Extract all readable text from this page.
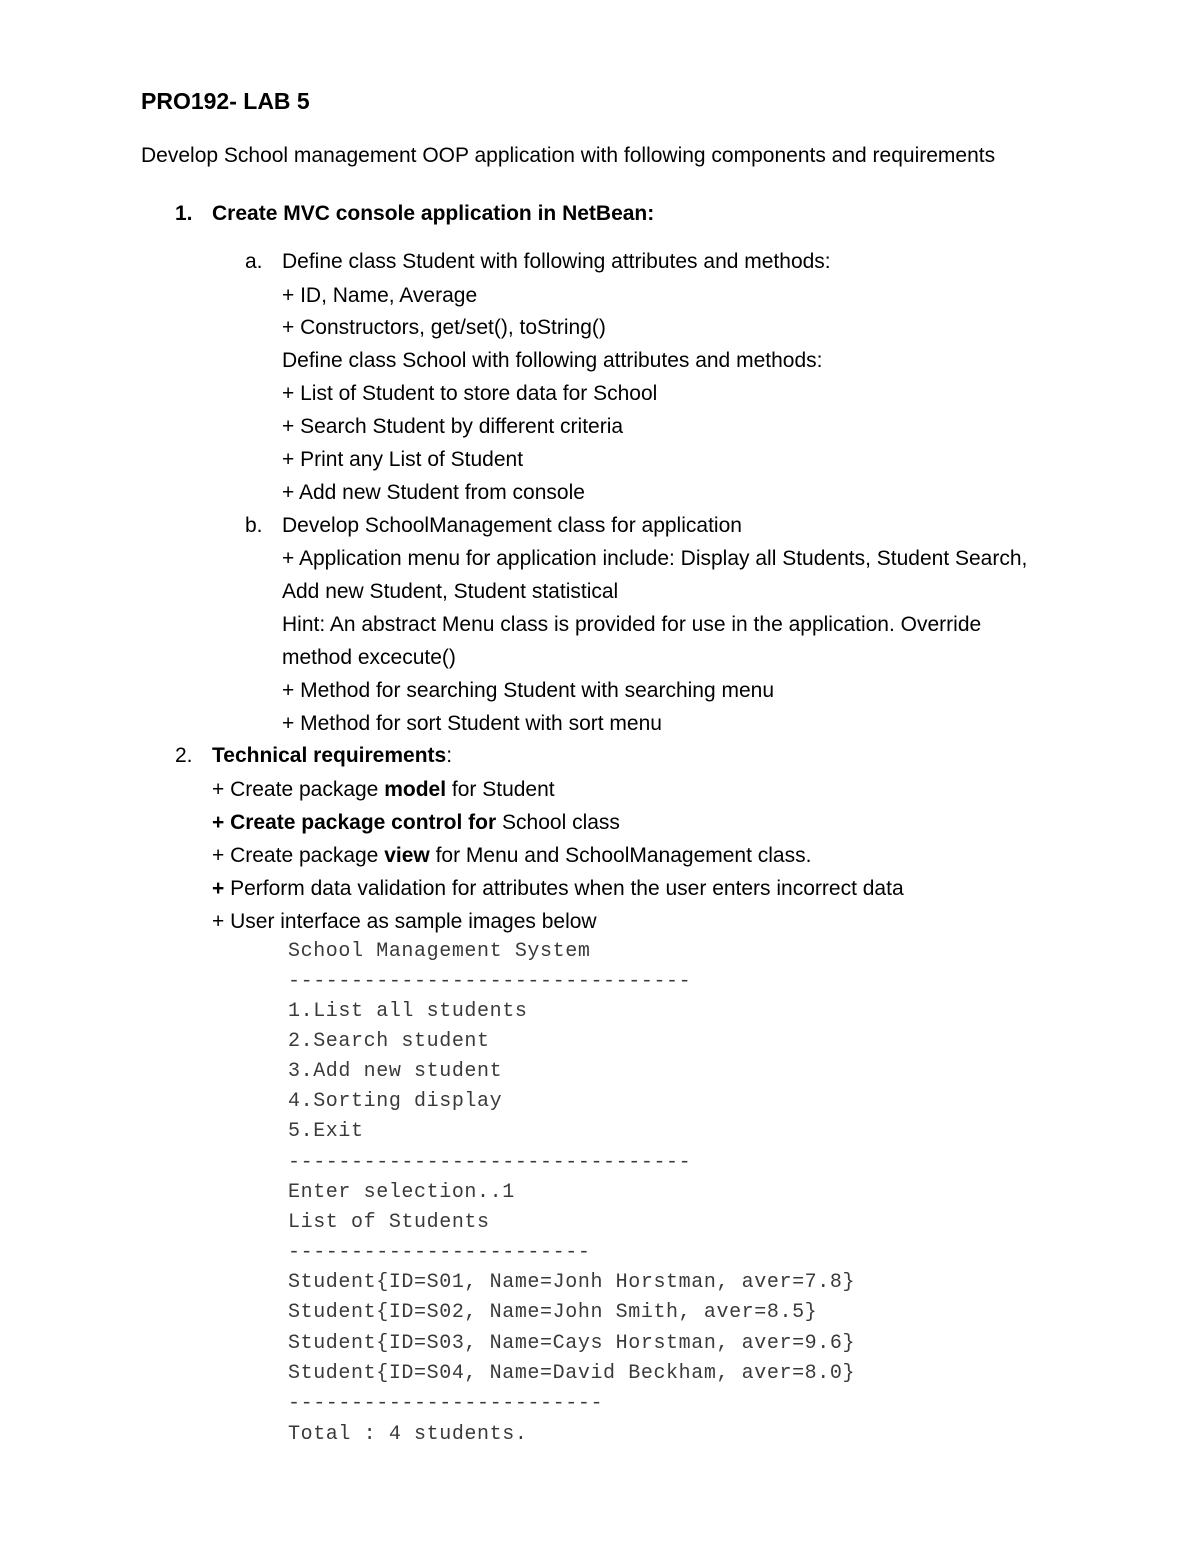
PRO192- LAB 5
Develop School management OOP application with following components and requirements
1. Create MVC console application in NetBean:
a. Define class Student with following attributes and methods:
+ ID, Name, Average
+ Constructors, get/set(), toString()
Define class School with following attributes and methods:
+ List of Student to store data for School
+ Search Student by different criteria
+ Print any List of Student
+ Add new Student from console
b. Develop SchoolManagement class for application
+ Application menu for application include: Display all Students, Student Search,
Add new Student, Student statistical
Hint: An abstract Menu class is provided for use in the application. Override
method excecute()
+ Method for searching Student with searching menu
+ Method for sort Student with sort menu
2. Technical requirements:
+ Create package model for Student
+ Create package control for School class
+ Create package view for Menu and SchoolManagement class.
+ Perform data validation for attributes when the user enters incorrect data
+ User interface as sample images below
School Management System
--------------------------------
1.List all students
2.Search student
3.Add new student
4.Sorting display
5.Exit
--------------------------------
Enter selection..1
List of Students
------------------------
Student{ID=S01, Name=Jonh Horstman, aver=7.8}
Student{ID=S02, Name=John Smith, aver=8.5}
Student{ID=S03, Name=Cays Horstman, aver=9.6}
Student{ID=S04, Name=David Beckham, aver=8.0}
-------------------------
Total : 4 students.
